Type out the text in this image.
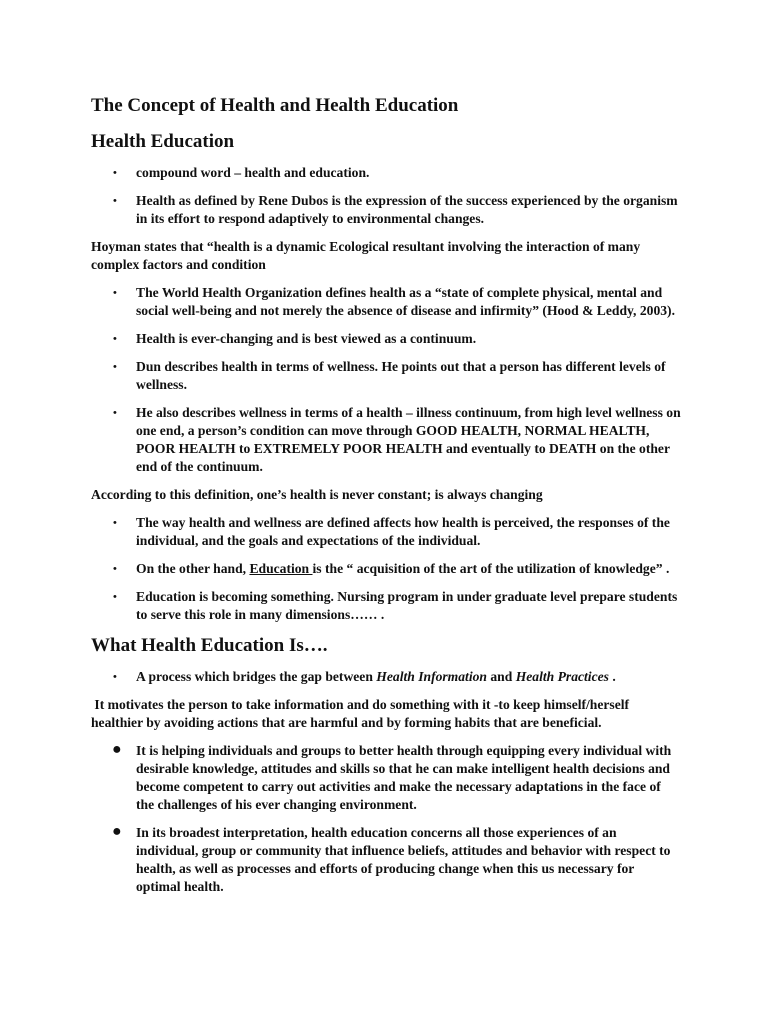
The Concept of Health and Health Education
Health Education
• compound word – health and education.
• Health as defined by Rene Dubos is the expression of the success experienced by the organism in its effort to respond adaptively to environmental changes.

Hoyman states that “health is a dynamic Ecological resultant involving the interaction of many complex factors and condition

• The World Health Organization defines health as a “state of complete physical, mental and social well-being and not merely the absence of disease and infirmity” (Hood & Leddy, 2003).
• Health is ever-changing and is best viewed as a continuum.
• Dun describes health in terms of wellness. He points out that a person has different levels of wellness.
• He also describes wellness in terms of a health – illness continuum, from high level wellness on one end, a person’s condition can move through GOOD HEALTH, NORMAL HEALTH, POOR HEALTH to EXTREMELY POOR HEALTH and eventually to DEATH on the other end of the continuum.

According to this definition, one’s health is never constant; is always changing

• The way health and wellness are defined affects how health is perceived, the responses of the individual, and the goals and expectations of the individual.
• On the other hand, Education is the “ acquisition of the art of the utilization of knowledge” .
• Education is becoming something. Nursing program in under graduate level prepare students to serve this role in many dimensions…… .
What Health Education Is….
• A process which bridges the gap between Health Information and Health Practices .

It motivates the person to take information and do something with it -to keep himself/herself healthier by avoiding actions that are harmful and by forming habits that are beneficial.

● It is helping individuals and groups to better health through equipping every individual with desirable knowledge, attitudes and skills so that he can make intelligent health decisions and become competent to carry out activities and make the necessary adaptations in the face of the challenges of his ever changing environment.
● In its broadest interpretation, health education concerns all those experiences of an individual, group or community that influence beliefs, attitudes and behavior with respect to health, as well as processes and efforts of producing change when this us necessary for optimal health.
